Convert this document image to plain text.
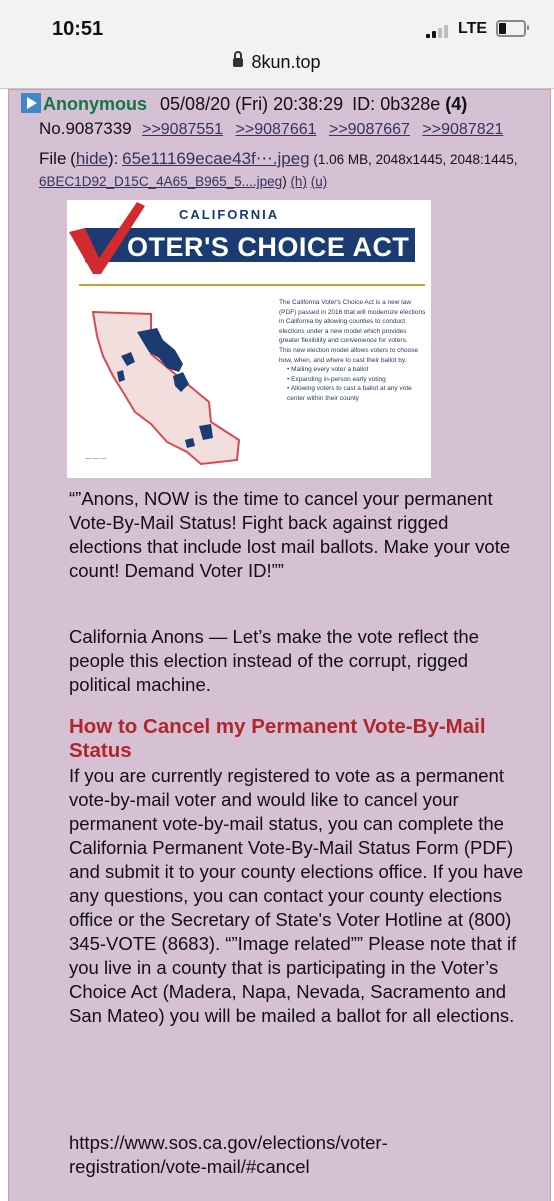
10:51	LTE
8kun.top
Anonymous 05/08/20 (Fri) 20:38:29 ID: 0b328e (4)
No.9087339 >>9087551 >>9087661 >>9087667 >>9087821
File (hide): 65e11169ecae43f⋯.jpeg (1.06 MB, 2048x1445, 2048:1445, 6BEC1D92_D15C_4A65_B965_5....jpeg) (h) (u)
CALIFORNIA
OTER'S CHOICE ACT
— — —

The California Voter's Choice Act is a new law (PDF) passed in 2016 that will modernize elections in California by allowing counties to conduct elections under a new model which provides greater flexibility and convenience for voters.

This new election model allows voters to choose how, when, and where to cast their ballot by:

• Mailing every voter a ballot

• Expanding in-person early voting

• Allowing voters to cast a ballot at any vote center within their county

“”Anons, NOW is the time to cancel your permanent Vote-By-Mail Status! Fight back against rigged elections that include lost mail ballots. Make your vote count! Demand Voter ID!””
California Anons — Let’s make the vote reflect the people this election instead of the corrupt, rigged political machine.
How to Cancel my Permanent Vote-By-Mail Status
If you are currently registered to vote as a permanent vote-by-mail voter and would like to cancel your permanent vote-by-mail status, you can complete the California Permanent Vote-By-Mail Status Form (PDF) and submit it to your county elections office. If you have any questions, you can contact your county elections office or the Secretary of State's Voter Hotline at (800) 345-VOTE (8683). “”Image related”” Please note that if you live in a county that is participating in the Voter’s Choice Act (Madera, Napa, Nevada, Sacramento and San Mateo) you will be mailed a ballot for all elections.
https://www.sos.ca.gov/elections/voter-registration/vote-mail/#cancel
